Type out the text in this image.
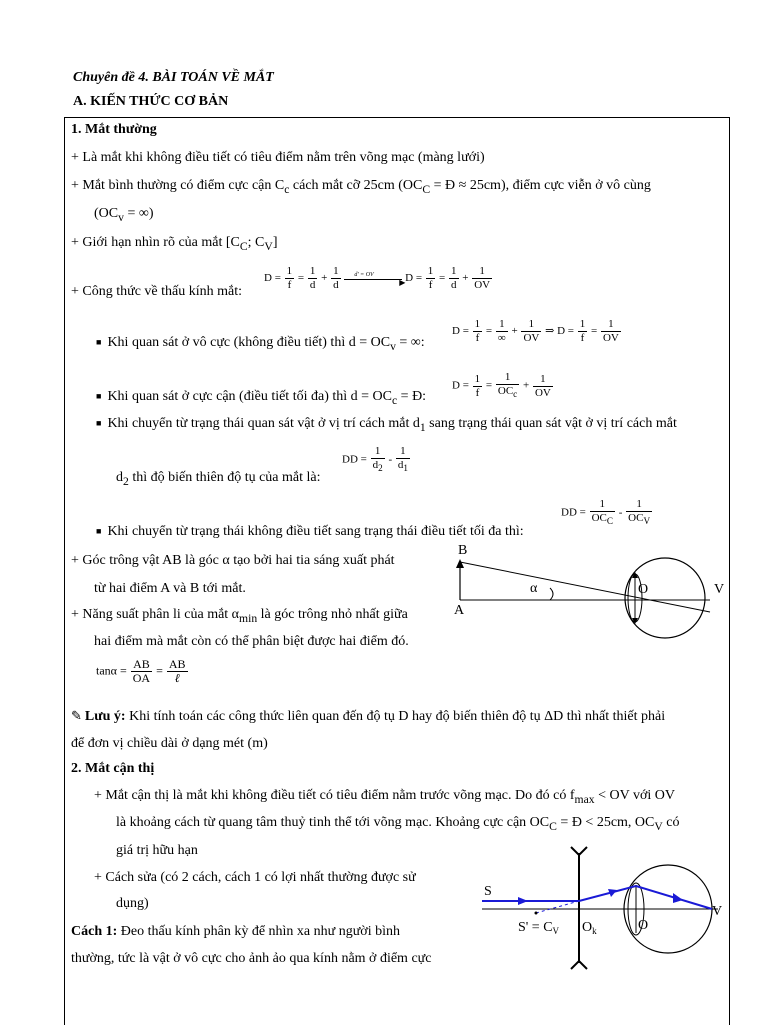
Chuyên đề 4. BÀI TOÁN VỀ MẮT
A. KIẾN THỨC CƠ BẢN
1. Mắt thường
+ Là mắt khi không điều tiết có tiêu điểm nằm trên võng mạc (màng lưới)
+ Mắt bình thường có điểm cực cận $C_c$ cách mắt cỡ 25cm ($OC_C$ = Đ ≈ 25cm), điểm cực viễn ở vô cùng
($OC_v$ = ∞)
+ Giới hạn nhìn rõ của mắt [$C_C$; $C_V$]
+ Công thức về thấu kính mắt:
$D = \frac{1}{f} = \frac{1}{d} + \frac{1}{d}$
d' = OV
▶ $D = \frac{1}{f} = \frac{1}{d} + \frac{1}{OV}$
■ Khi quan sát ở vô cực (không điều tiết) thì $d = OC_v$ = ∞:
$D = \frac{1}{f} = \frac{1}{\infty} + \frac{1}{OV}$ ⇒ $D = \frac{1}{f} = \frac{1}{OV}$
■ Khi quan sát ở cực cận (điều tiết tối đa) thì $d = OC_c$ = Đ:
$D = \frac{1}{f} = \frac{1}{OC_c} + \frac{1}{OV}$
■ Khi chuyển từ trạng thái quan sát vật ở vị trí cách mắt $d_1$ sang trạng thái quan sát vật ở vị trí cách mắt
$d_2$ thì độ biến thiên độ tụ của mắt là:
DD = $\frac{1}{d_2} - \frac{1}{d_1}$
■ Khi chuyển từ trạng thái không điều tiết sang trạng thái điều tiết tối đa thì:
DD = $\frac{1}{OC_C} - \frac{1}{OC_V}$
+ Góc trông vật AB là góc α tạo bởi hai tia sáng xuất phát
từ hai điểm A và B tới mắt.
+ Năng suất phân li của mắt $\alpha_{min}$ là góc trông nhỏ nhất giữa
hai điểm mà mắt còn có thể phân biệt được hai điểm đó.
$\tan\alpha = \frac{AB}{OA} = \frac{AB}{\text{ℓ}}$
B
A
α	O	V
✎ Lưu ý: Khi tính toán các công thức liên quan đến độ tụ D hay độ biến thiên độ tụ ΔD thì nhất thiết phải
để đơn vị chiều dài ở dạng mét (m)
2. Mắt cận thị
+ Mắt cận thị là mắt khi không điều tiết có tiêu điểm nằm trước võng mạc. Do đó có $f_{max}$ < OV với OV
là khoảng cách từ quang tâm thuỷ tinh thể tới võng mạc. Khoảng cực cận $OC_C$ = Đ < 25cm, $OC_V$ có
giá trị hữu hạn
+ Cách sửa (có 2 cách, cách 1 có lợi nhất thường được sử
dụng)
Cách 1: Đeo thấu kính phân kỳ để nhìn xa như người bình
thường, tức là vật ở vô cực cho ảnh ảo qua kính nằm ở điểm cực
S
$S' = C_V$ $O_k$	O
V
